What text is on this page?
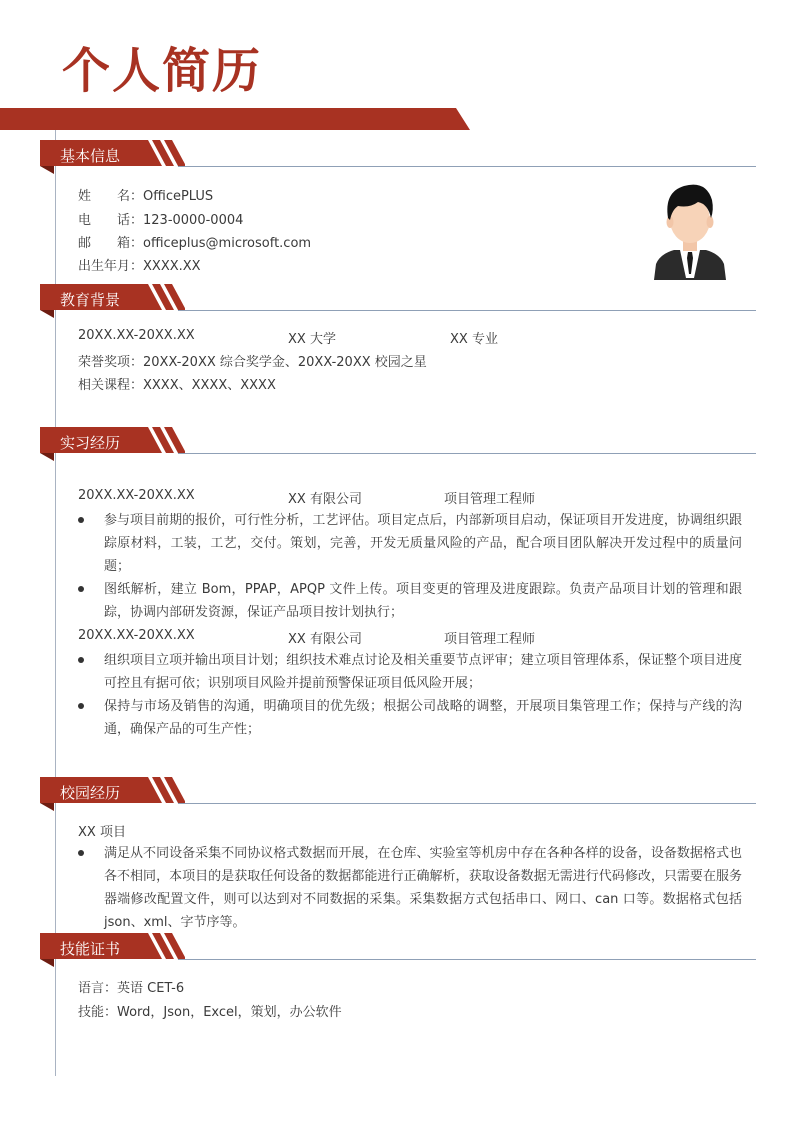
个人简历
基本信息
姓　　名：OfficePLUS
电　　话：123-0000-0004
邮　　箱：officeplus@microsoft.com
出生年月：XXXX.XX
教育背景
20XX.XX-20XX.XX	XX 大学	XX 专业
荣誉奖项：20XX-20XX 综合奖学金、20XX-20XX 校园之星
相关课程：XXXX、XXXX、XXXX
实习经历
20XX.XX-20XX.XX	XX 有限公司	项目管理工程师
参与项目前期的报价，可行性分析，工艺评估。项目定点后，内部新项目启动，保证项目开发进度，协调组织跟踪原材料，工装，工艺，交付。策划，完善，开发无质量风险的产品，配合项目团队解决开发过程中的质量问题；
图纸解析，建立 Bom，PPAP，APQP 文件上传。项目变更的管理及进度跟踪。负责产品项目计划的管理和跟踪，协调内部研发资源，保证产品项目按计划执行；
20XX.XX-20XX.XX	XX 有限公司	项目管理工程师
组织项目立项并输出项目计划；组织技术难点讨论及相关重要节点评审；建立项目管理体系，保证整个项目进度可控且有据可依；识别项目风险并提前预警保证项目低风险开展；
保持与市场及销售的沟通，明确项目的优先级；根据公司战略的调整，开展项目集管理工作；保持与产线的沟通，确保产品的可生产性；
校园经历
XX 项目
满足从不同设备采集不同协议格式数据而开展，在仓库、实验室等机房中存在各种各样的设备，设备数据格式也各不相同，本项目的是获取任何设备的数据都能进行正确解析，获取设备数据无需进行代码修改，只需要在服务器端修改配置文件，则可以达到对不同数据的采集。采集数据方式包括串口、网口、can 口等。数据格式包括 json、xml、字节序等。
技能证书
语言：英语 CET-6
技能：Word，Json，Excel，策划，办公软件
